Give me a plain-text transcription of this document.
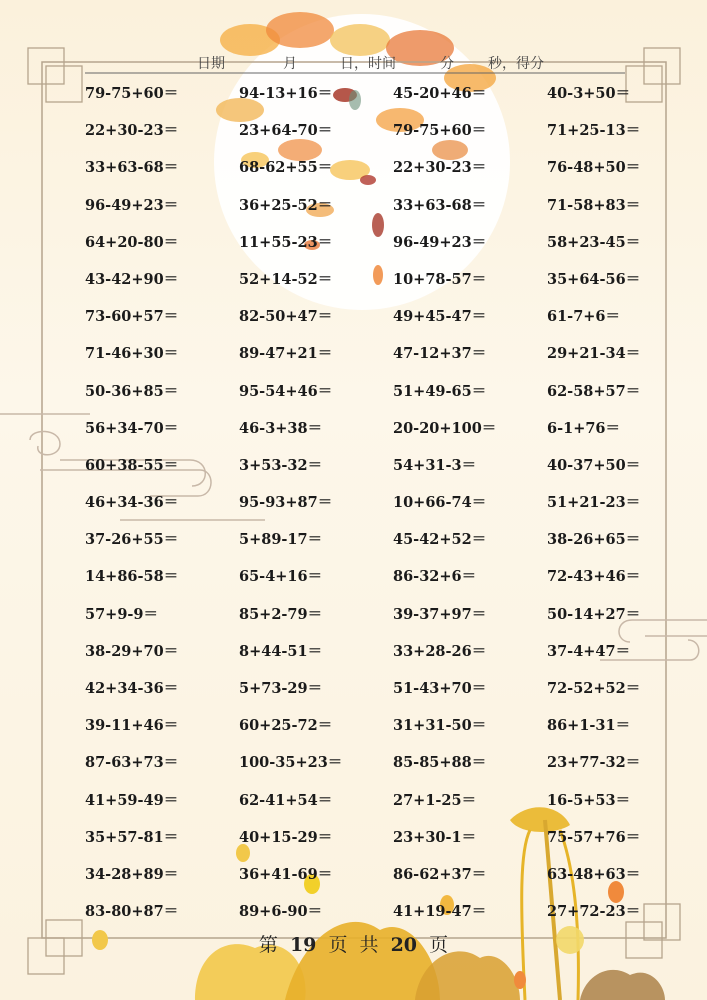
日期	月	日，时间	分 秒，得分
79-75+60＝	94-13+16＝	45-20+46＝	40-3+50＝
22+30-23＝	23+64-70＝	79-75+60＝	71+25-13＝
33+63-68＝	68-62+55＝	22+30-23＝	76-48+50＝
96-49+23＝	36+25-52＝	33+63-68＝	71-58+83＝
64+20-80＝	11+55-23＝	96-49+23＝	58+23-45＝
43-42+90＝	52+14-52＝	10+78-57＝	35+64-56＝
73-60+57＝	82-50+47＝	49+45-47＝	61-7+6＝
71-46+30＝	89-47+21＝	47-12+37＝	29+21-34＝
50-36+85＝	95-54+46＝	51+49-65＝	62-58+57＝
56+34-70＝	46-3+38＝	20-20+100＝	6-1+76＝
60+38-55＝	3+53-32＝	54+31-3＝	40-37+50＝
46+34-36＝	95-93+87＝	10+66-74＝	51+21-23＝
37-26+55＝	5+89-17＝	45-42+52＝	38-26+65＝
14+86-58＝	65-4+16＝	86-32+6＝	72-43+46＝
57+9-9＝	85+2-79＝	39-37+97＝	50-14+27＝
38-29+70＝	8+44-51＝	33+28-26＝	37-4+47＝
42+34-36＝	5+73-29＝	51-43+70＝	72-52+52＝
39-11+46＝	60+25-72＝	31+31-50＝	86+1-31＝
87-63+73＝	100-35+23＝	85-85+88＝	23+77-32＝
41+59-49＝	62-41+54＝	27+1-25＝	16-5+53＝
35+57-81＝	40+15-29＝	23+30-1＝	75-57+76＝
34-28+89＝	36+41-69＝	86-62+37＝	63-48+63＝
83-80+87＝	89+6-90＝	41+19-47＝	27+72-23＝
第 19 页 共 20 页
